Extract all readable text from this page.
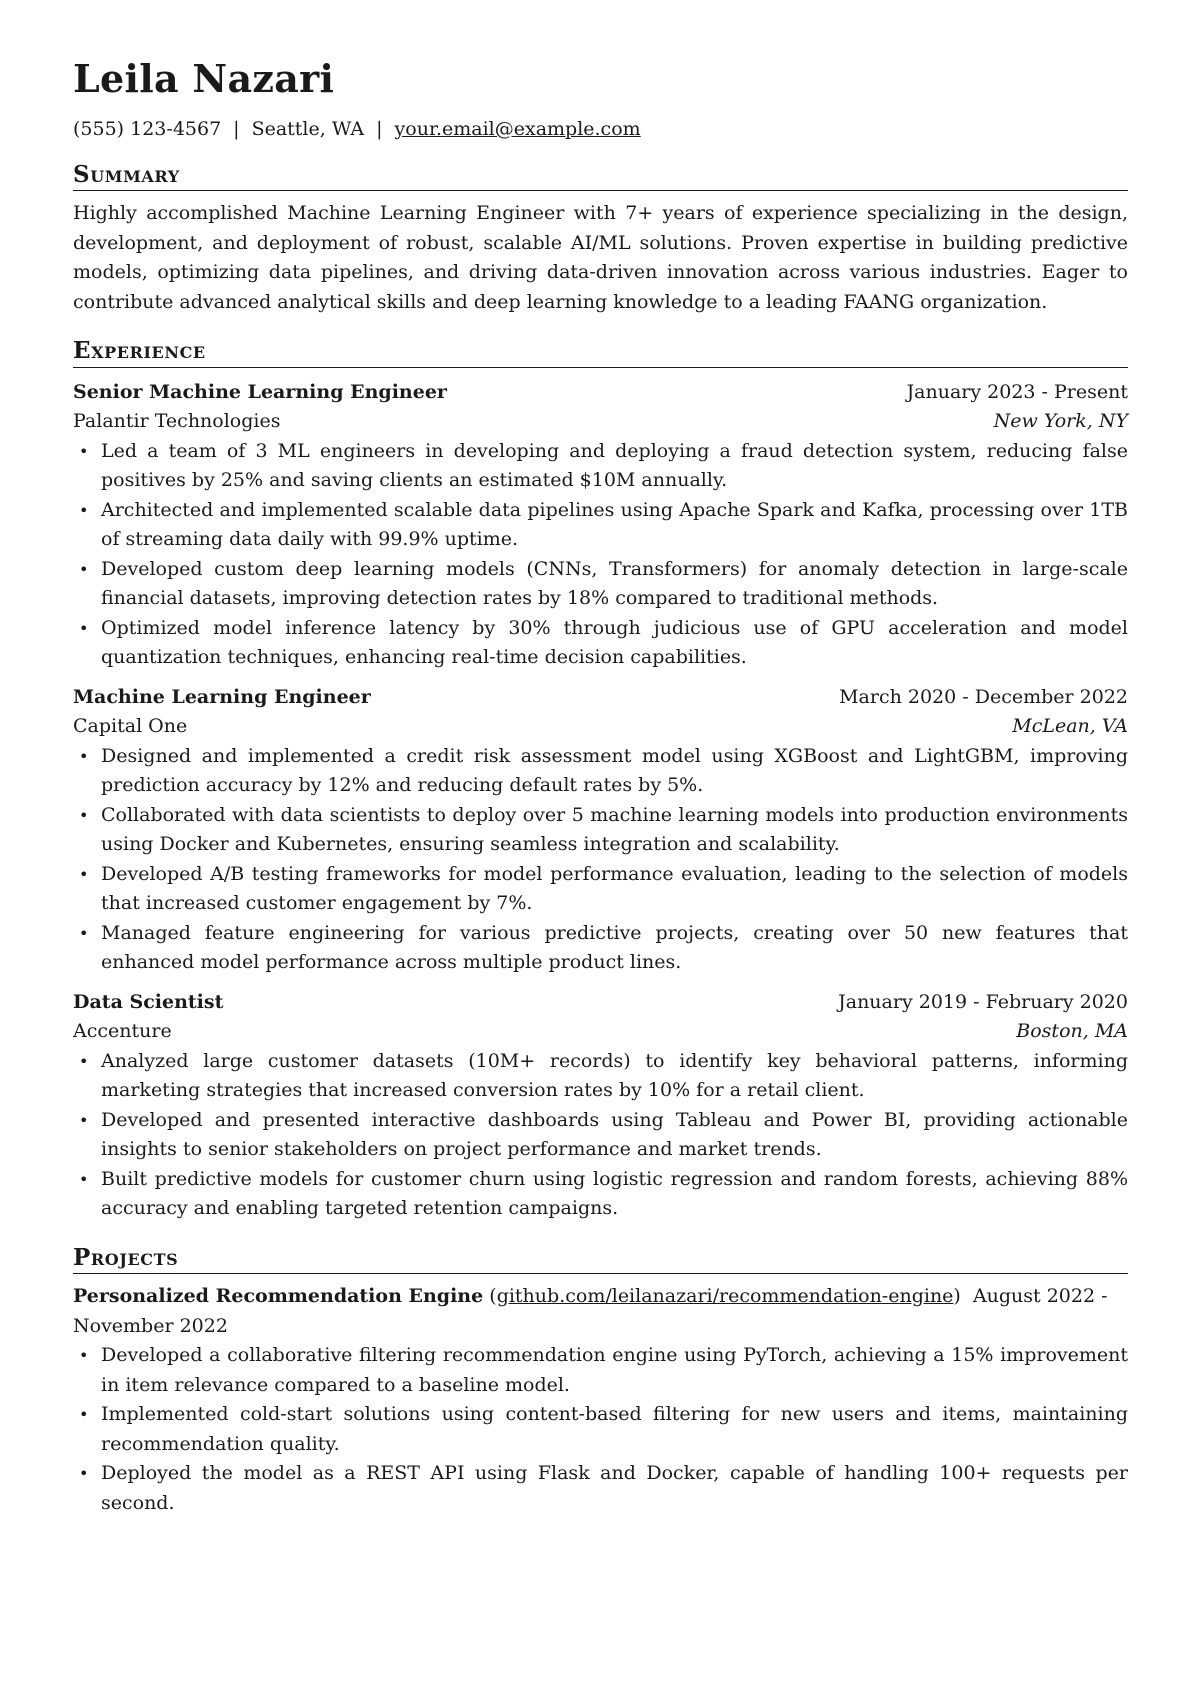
Leila Nazari
(555) 123-4567 | Seattle, WA | your.email@example.com
Summary

Highly accomplished Machine Learning Engineer with 7+ years of experience specializing in the design, development, and deployment of robust, scalable AI/ML solutions. Proven expertise in building predictive models, optimizing data pipelines, and driving data-driven innovation across various industries. Eager to contribute advanced analytical skills and deep learning knowledge to a leading FAANG organization.

Experience
Senior Machine Learning Engineer	January 2023 - Present
Palantir Technologies	New York, NY
• Led a team of 3 ML engineers in developing and deploying a fraud detection system, reducing false positives by 25% and saving clients an estimated $10M annually.
• Architected and implemented scalable data pipelines using Apache Spark and Kafka, processing over 1TB of streaming data daily with 99.9% uptime.
• Developed custom deep learning models (CNNs, Transformers) for anomaly detection in large-scale financial datasets, improving detection rates by 18% compared to traditional methods.
• Optimized model inference latency by 30% through judicious use of GPU acceleration and model quantization techniques, enhancing real-time decision capabilities.
Machine Learning Engineer	March 2020 - December 2022
Capital One	McLean, VA
• Designed and implemented a credit risk assessment model using XGBoost and LightGBM, improving prediction accuracy by 12% and reducing default rates by 5%.
• Collaborated with data scientists to deploy over 5 machine learning models into production environments using Docker and Kubernetes, ensuring seamless integration and scalability.
• Developed A/B testing frameworks for model performance evaluation, leading to the selection of models that increased customer engagement by 7%.
• Managed feature engineering for various predictive projects, creating over 50 new features that enhanced model performance across multiple product lines.
Data Scientist	January 2019 - February 2020
Accenture	Boston, MA
• Analyzed large customer datasets (10M+ records) to identify key behavioral patterns, informing marketing strategies that increased conversion rates by 10% for a retail client.
• Developed and presented interactive dashboards using Tableau and Power BI, providing actionable insights to senior stakeholders on project performance and market trends.
• Built predictive models for customer churn using logistic regression and random forests, achieving 88% accuracy and enabling targeted retention campaigns.
Projects
Personalized Recommendation Engine (github.com/leilanazari/recommendation-engine) August 2022 - November 2022
• Developed a collaborative filtering recommendation engine using PyTorch, achieving a 15% improvement in item relevance compared to a baseline model.
• Implemented cold-start solutions using content-based filtering for new users and items, maintaining recommendation quality.
• Deployed the model as a REST API using Flask and Docker, capable of handling 100+ requests per second.
